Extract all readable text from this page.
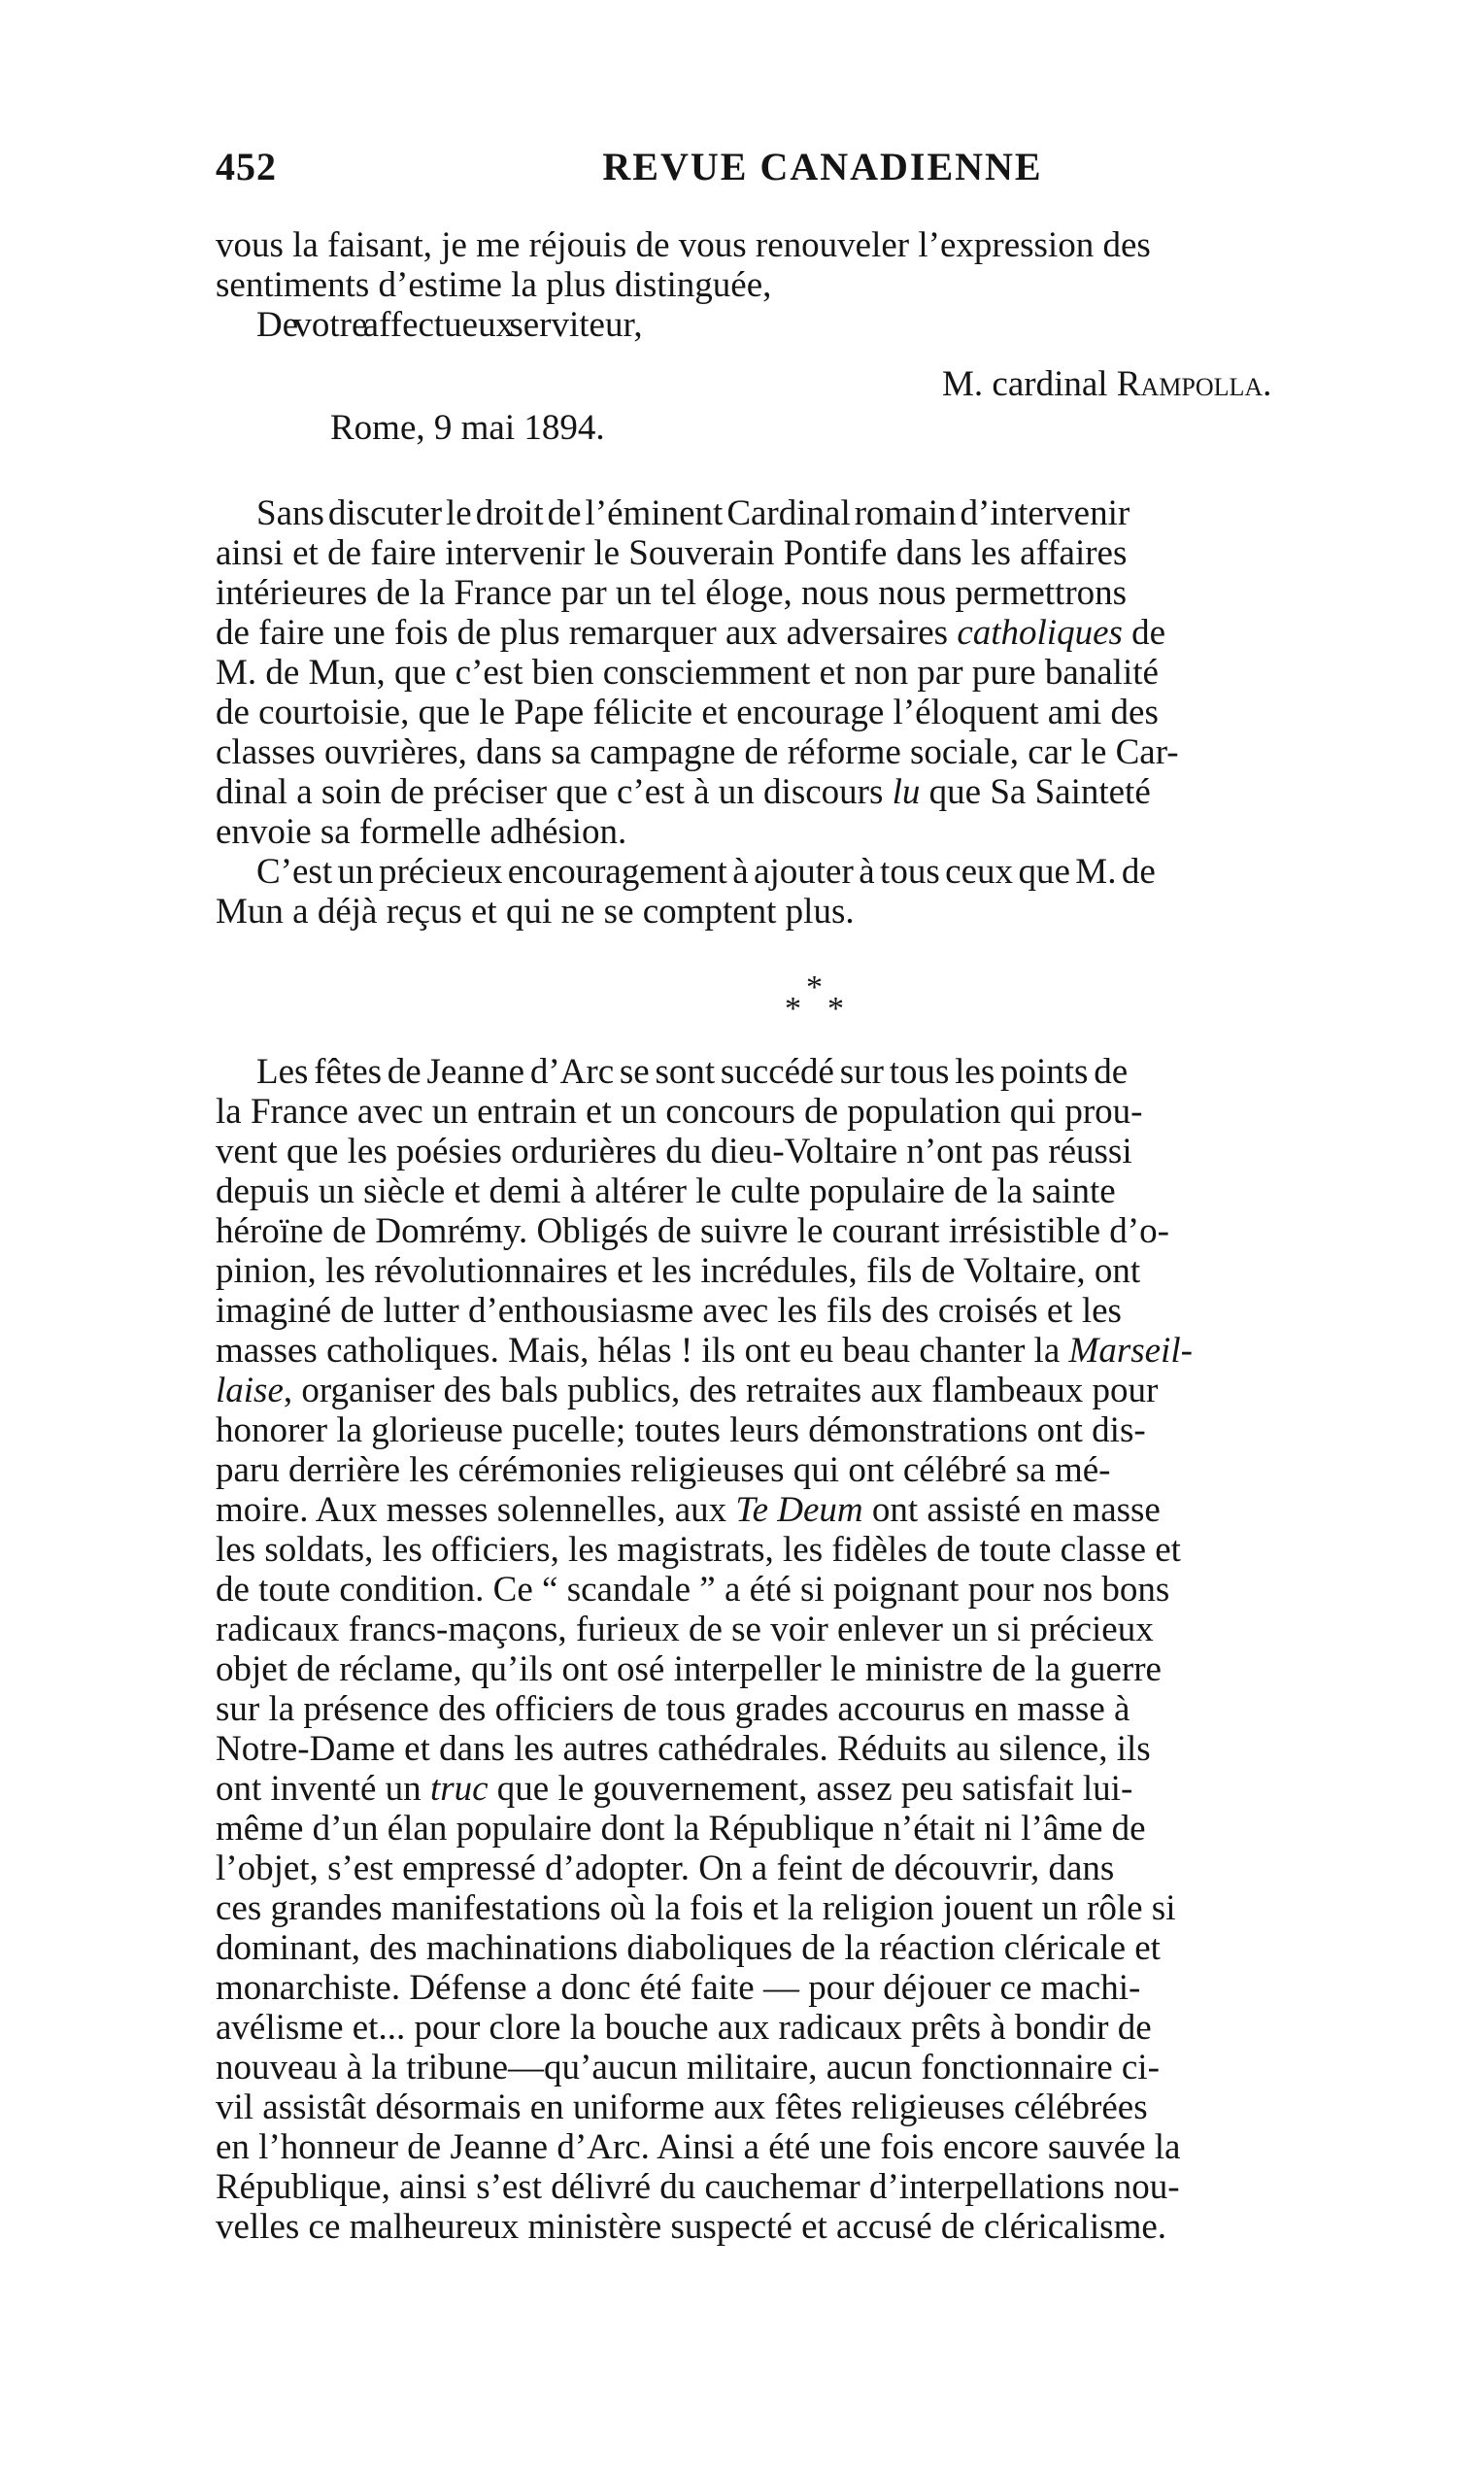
452	REVUE CANADIENNE
vous la faisant, je me réjouis de vous renouveler l’expression des
sentiments d’estime la plus distinguée,
De votre affectueux serviteur,
M. cardinal Rampolla.
Rome, 9 mai 1894.
Sans discuter le droit de l’éminent Cardinal romain d’intervenir
ainsi et de faire intervenir le Souverain Pontife dans les affaires
intérieures de la France par un tel éloge, nous nous permettrons
de faire une fois de plus remarquer aux adversaires catholiques de
M. de Mun, que c’est bien consciemment et non par pure banalité
de courtoisie, que le Pape félicite et encourage l’éloquent ami des
classes ouvrières, dans sa campagne de réforme sociale, car le Car-
dinal a soin de préciser que c’est à un discours lu que Sa Sainteté
envoie sa formelle adhésion.
C’est un précieux encouragement à ajouter à tous ceux que M. de
Mun a déjà reçus et qui ne se comptent plus.
*
* *
Les fêtes de Jeanne d’Arc se sont succédé sur tous les points de
la France avec un entrain et un concours de population qui prou-
vent que les poésies ordurières du dieu-Voltaire n’ont pas réussi
depuis un siècle et demi à altérer le culte populaire de la sainte
héroïne de Domrémy. Obligés de suivre le courant irrésistible d’o-
pinion, les révolutionnaires et les incrédules, fils de Voltaire, ont
imaginé de lutter d’enthousiasme avec les fils des croisés et les
masses catholiques. Mais, hélas ! ils ont eu beau chanter la Marseil-
laise, organiser des bals publics, des retraites aux flambeaux pour
honorer la glorieuse pucelle; toutes leurs démonstrations ont dis-
paru derrière les cérémonies religieuses qui ont célébré sa mé-
moire. Aux messes solennelles, aux Te Deum ont assisté en masse
les soldats, les officiers, les magistrats, les fidèles de toute classe et
de toute condition. Ce “ scandale ” a été si poignant pour nos bons
radicaux francs-maçons, furieux de se voir enlever un si précieux
objet de réclame, qu’ils ont osé interpeller le ministre de la guerre
sur la présence des officiers de tous grades accourus en masse à
Notre-Dame et dans les autres cathédrales. Réduits au silence, ils
ont inventé un truc que le gouvernement, assez peu satisfait lui-
même d’un élan populaire dont la République n’était ni l’âme de
l’objet, s’est empressé d’adopter. On a feint de découvrir, dans
ces grandes manifestations où la fois et la religion jouent un rôle si
dominant, des machinations diaboliques de la réaction cléricale et
monarchiste. Défense a donc été faite — pour déjouer ce machi-
avélisme et... pour clore la bouche aux radicaux prêts à bondir de
nouveau à la tribune—qu’aucun militaire, aucun fonctionnaire ci-
vil assistât désormais en uniforme aux fêtes religieuses célébrées
en l’honneur de Jeanne d’Arc. Ainsi a été une fois encore sauvée la
République, ainsi s’est délivré du cauchemar d’interpellations nou-
velles ce malheureux ministère suspecté et accusé de cléricalisme.
